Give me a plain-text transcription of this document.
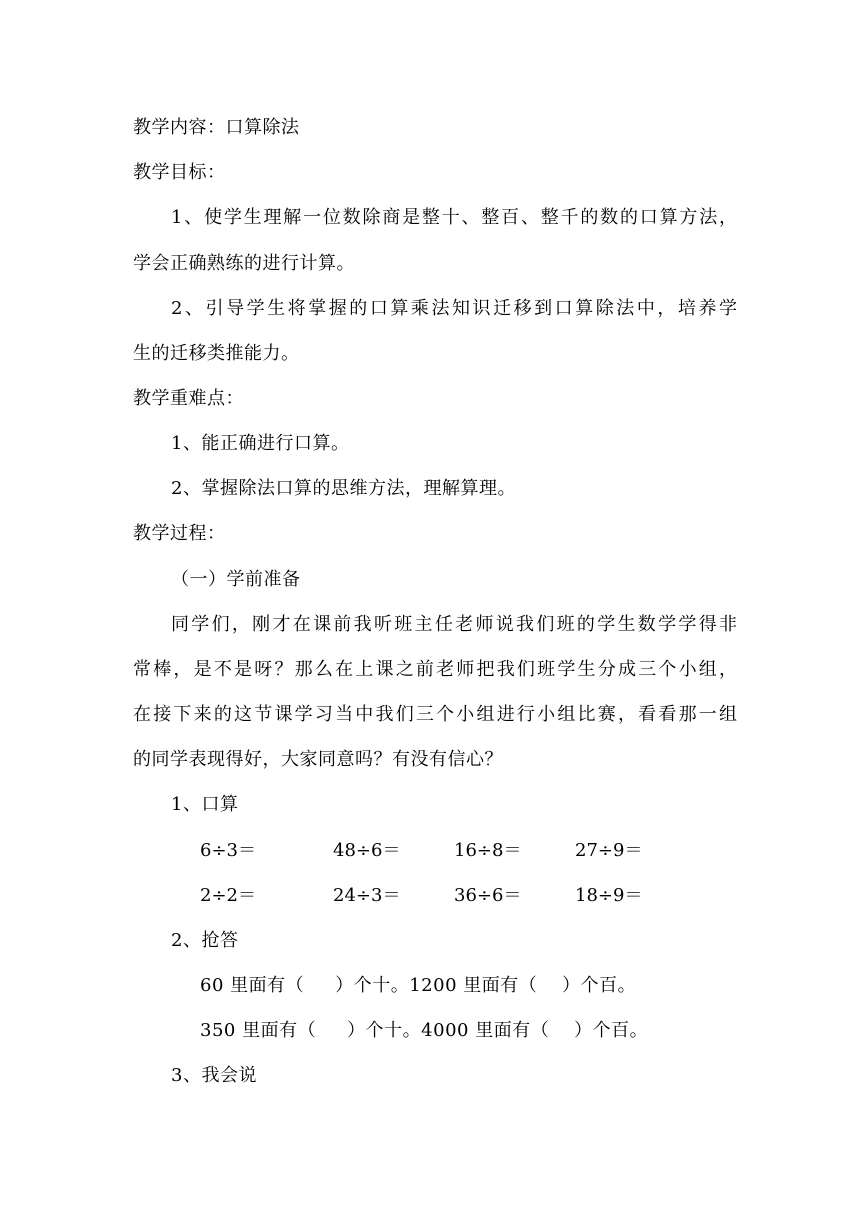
教学内容：口算除法
教学目标：
1、使学生理解一位数除商是整十、整百、整千的数的口算方法，
学会正确熟练的进行计算。
2、引导学生将掌握的口算乘法知识迁移到口算除法中，培养学
生的迁移类推能力。
教学重难点：
1、能正确进行口算。
2、掌握除法口算的思维方法，理解算理。
教学过程：
（一）学前准备
同学们，刚才在课前我听班主任老师说我们班的学生数学学得非
常棒，是不是呀？那么在上课之前老师把我们班学生分成三个小组，
在接下来的这节课学习当中我们三个小组进行小组比赛，看看那一组
的同学表现得好，大家同意吗？有没有信心？
1、口算
6÷3＝	48÷6＝	16÷8＝	27÷9＝
2÷2＝	24÷3＝	36÷6＝	18÷9＝
2、抢答
60 里面有（     ）个十。1200 里面有（    ）个百。
350 里面有（     ）个十。4000 里面有（    ）个百。
3、我会说
